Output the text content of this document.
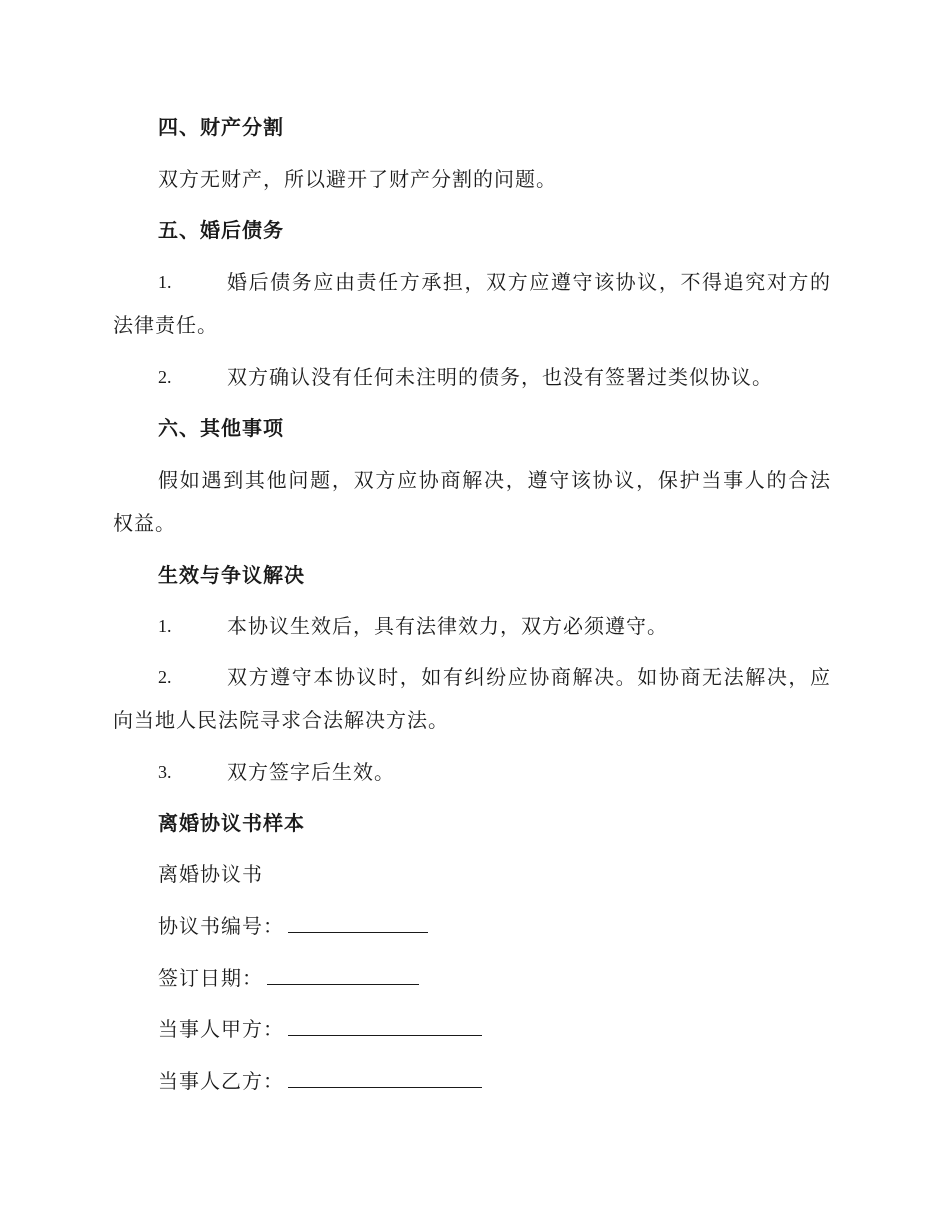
四、财产分割
双方无财产，所以避开了财产分割的问题。
五、婚后债务
1.	婚后债务应由责任方承担，双方应遵守该协议，不得追究对方的
法律责任。
2.	双方确认没有任何未注明的债务，也没有签署过类似协议。
六、其他事项
假如遇到其他问题，双方应协商解决，遵守该协议，保护当事人的合法
权益。
生效与争议解决
1.	本协议生效后，具有法律效力，双方必须遵守。
2.	双方遵守本协议时，如有纠纷应协商解决。如协商无法解决，应
向当地人民法院寻求合法解决方法。
3.	双方签字后生效。
离婚协议书样本
离婚协议书
协议书编号：
签订日期：
当事人甲方：
当事人乙方：
